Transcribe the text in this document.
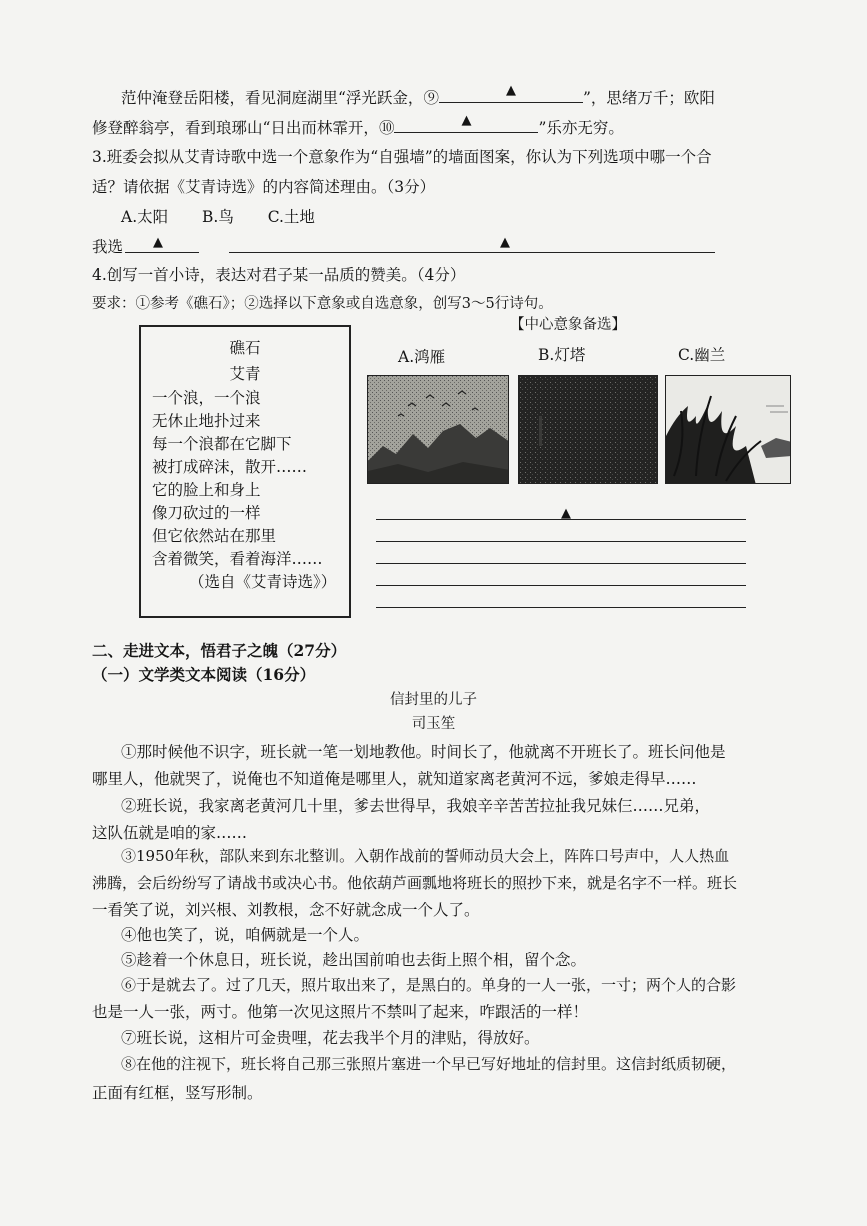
范仲淹登岳阳楼，看见洞庭湖里“浮光跃金，⑨	▲	”，思绪万千；欧阳
修登醉翁亭，看到琅琊山“日出而林霏开，⑩	▲	”乐亦无穷。
3.班委会拟从艾青诗歌中选一个意象作为“自强墙”的墙面图案，你认为下列选项中哪一个合
适？请依据《艾青诗选》的内容简述理由。（3分）
A.太阳 B.鸟 C.土地
我选 ▲	▲
4.创写一首小诗，表达对君子某一品质的赞美。（4分）
要求：①参考《礁石》；②选择以下意象或自选意象，创写3～5行诗句。
礁石
艾青
一个浪，一个浪
无休止地扑过来
每一个浪都在它脚下
被打成碎沫，散开……
它的脸上和身上
像刀砍过的一样
但它依然站在那里
含着微笑，看着海洋……
（选自《艾青诗选》）
【中心意象备选】
A.鸿雁	B.灯塔	C.幽兰
▲
二、走进文本，悟君子之魄（27分）
（一）文学类文本阅读（16分）
信封里的儿子
司玉笙
①那时候他不识字，班长就一笔一划地教他。时间长了，他就离不开班长了。班长问他是
哪里人，他就哭了，说俺也不知道俺是哪里人，就知道家离老黄河不远，爹娘走得早……
②班长说，我家离老黄河几十里，爹去世得早，我娘辛辛苦苦拉扯我兄妹仨……兄弟，
这队伍就是咱的家……
③1950年秋，部队来到东北整训。入朝作战前的誓师动员大会上，阵阵口号声中，人人热血
沸腾，会后纷纷写了请战书或决心书。他依葫芦画瓢地将班长的照抄下来，就是名字不一样。班长
一看笑了说，刘兴根、刘教根，念不好就念成一个人了。
④他也笑了，说，咱俩就是一个人。
⑤趁着一个休息日，班长说，趁出国前咱也去街上照个相，留个念。
⑥于是就去了。过了几天，照片取出来了，是黑白的。单身的一人一张，一寸；两个人的合影
也是一人一张，两寸。他第一次见这照片不禁叫了起来，咋跟活的一样！
⑦班长说，这相片可金贵哩，花去我半个月的津贴，得放好。
⑧在他的注视下，班长将自己那三张照片塞进一个早已写好地址的信封里。这信封纸质韧硬，
正面有红框，竖写形制。
